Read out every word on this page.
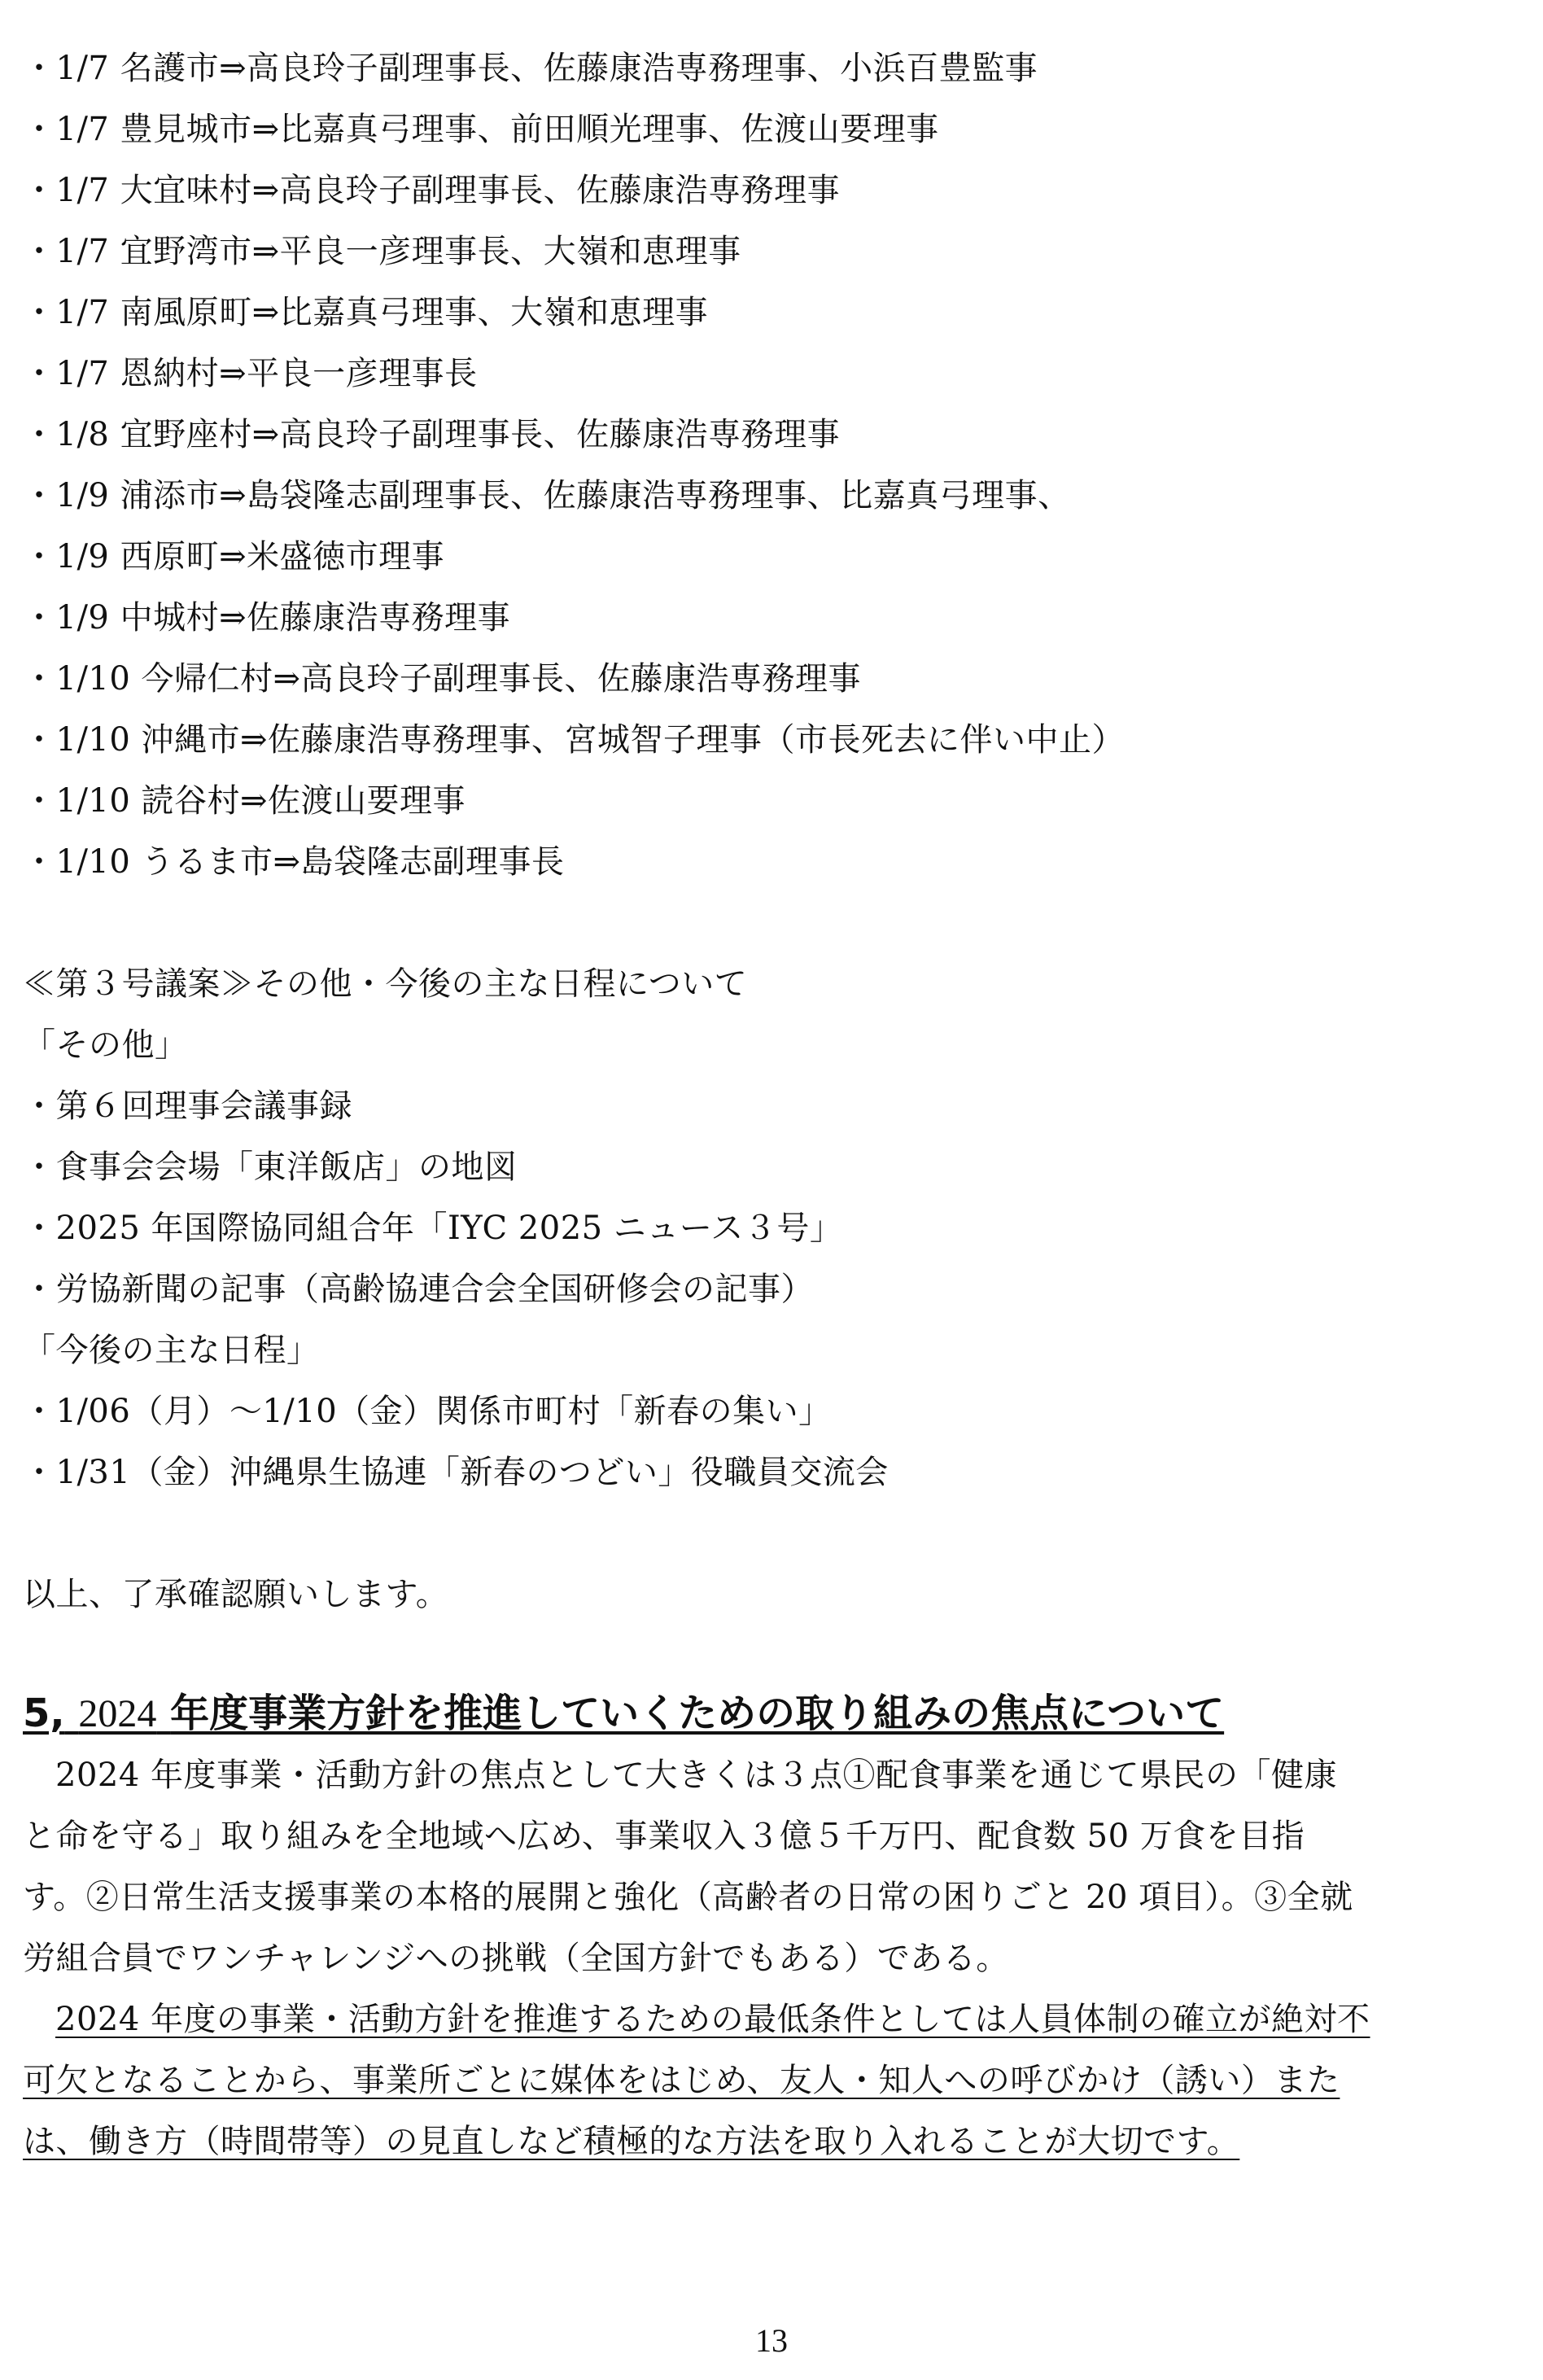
・ 1/7 名護市⇒高良玲子副理事長、佐藤康浩専務理事、小浜百豊監事
・ 1/7 豊見城市⇒比嘉真弓理事、前田順光理事、佐渡山要理事
・ 1/7 大宜味村⇒高良玲子副理事長、佐藤康浩専務理事
・ 1/7 宜野湾市⇒平良一彦理事長、大嶺和恵理事
・ 1/7 南風原町⇒比嘉真弓理事、大嶺和恵理事
・ 1/7 恩納村⇒平良一彦理事長
・ 1/8 宜野座村⇒高良玲子副理事長、佐藤康浩専務理事
・ 1/9 浦添市⇒島袋隆志副理事長、佐藤康浩専務理事、比嘉真弓理事、
・ 1/9 西原町⇒米盛徳市理事
・ 1/9 中城村⇒佐藤康浩専務理事
・ 1/10 今帰仁村⇒高良玲子副理事長、佐藤康浩専務理事
・ 1/10 沖縄市⇒佐藤康浩専務理事、宮城智子理事（市長死去に伴い中止）
・ 1/10 読谷村⇒佐渡山要理事
・ 1/10 うるま市⇒島袋隆志副理事長
≪第３号議案≫その他・今後の主な日程について
「その他」
・ 第６回理事会議事録
・ 食事会会場「東洋飯店」の地図
・ 2025 年国際協同組合年「IYC 2025 ニュース３号」
・ 労協新聞の記事（高齢協連合会全国研修会の記事）
「今後の主な日程」
・ 1/06（月）～1/10（金）関係市町村「新春の集い」
・ 1/31（金）沖縄県生協連「新春のつどい」役職員交流会
以上、了承確認願いします。
5, 2024 年度事業方針を推進していくための取り組みの焦点について
2024 年度事業・活動方針の焦点として大きくは３点①配食事業を通じて県民の「健康
と命を守る」取り組みを全地域へ広め、事業収入３億５千万円、配食数 50 万食を目指
す。②日常生活支援事業の本格的展開と強化（高齢者の日常の困りごと 20 項目）。③全就
労組合員でワンチャレンジへの挑戦（全国方針でもある）である。
2024 年度の事業・活動方針を推進するための最低条件としては人員体制の確立が絶対不
可欠となることから、事業所ごとに媒体をはじめ、友人・知人への呼びかけ（誘い）また
は、働き方（時間帯等）の見直しなど積極的な方法を取り入れることが大切です。
13
